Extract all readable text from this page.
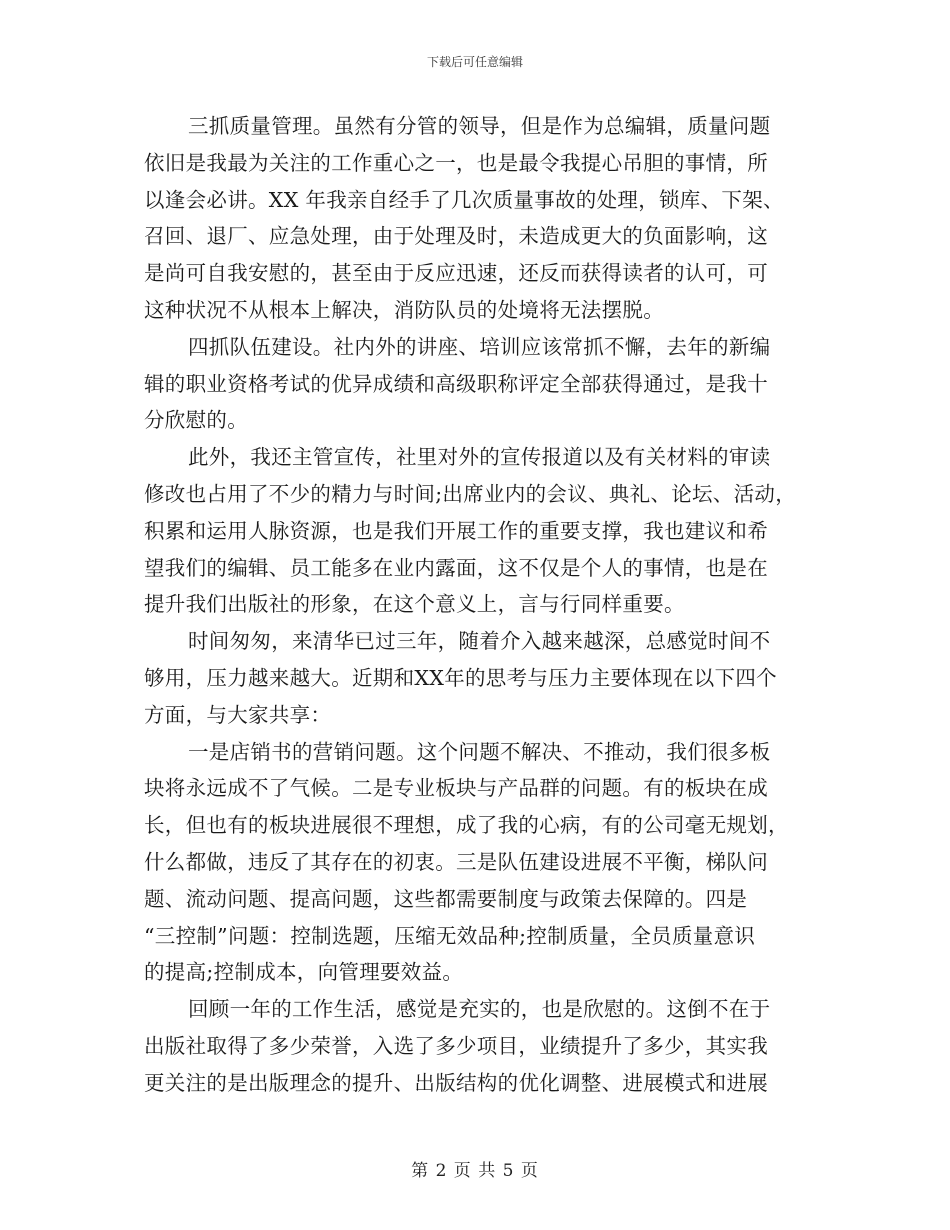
下载后可任意编辑
三抓质量管理。虽然有分管的领导，但是作为总编辑，质量问题
依旧是我最为关注的工作重心之一，也是最令我提心吊胆的事情，所
以逢会必讲。XX 年我亲自经手了几次质量事故的处理，锁库、下架、
召回、退厂、应急处理，由于处理及时，未造成更大的负面影响，这
是尚可自我安慰的，甚至由于反应迅速，还反而获得读者的认可，可
这种状况不从根本上解决，消防队员的处境将无法摆脱。
四抓队伍建设。社内外的讲座、培训应该常抓不懈，去年的新编
辑的职业资格考试的优异成绩和高级职称评定全部获得通过，是我十
分欣慰的。
此外，我还主管宣传，社里对外的宣传报道以及有关材料的审读
修改也占用了不少的精力与时间;出席业内的会议、典礼、论坛、活动，
积累和运用人脉资源，也是我们开展工作的重要支撑，我也建议和希
望我们的编辑、员工能多在业内露面，这不仅是个人的事情，也是在
提升我们出版社的形象，在这个意义上，言与行同样重要。
时间匆匆，来清华已过三年，随着介入越来越深，总感觉时间不
够用，压力越来越大。近期和XX年的思考与压力主要体现在以下四个
方面，与大家共享：
一是店销书的营销问题。这个问题不解决、不推动，我们很多板
块将永远成不了气候。二是专业板块与产品群的问题。有的板块在成
长，但也有的板块进展很不理想，成了我的心病，有的公司毫无规划，
什么都做，违反了其存在的初衷。三是队伍建设进展不平衡，梯队问
题、流动问题、提高问题，这些都需要制度与政策去保障的。四是
“三控制”问题：控制选题，压缩无效品种;控制质量，全员质量意识
的提高;控制成本，向管理要效益。
回顾一年的工作生活，感觉是充实的，也是欣慰的。这倒不在于
出版社取得了多少荣誉，入选了多少项目，业绩提升了多少，其实我
更关注的是出版理念的提升、出版结构的优化调整、进展模式和进展
第 2 页 共 5 页
